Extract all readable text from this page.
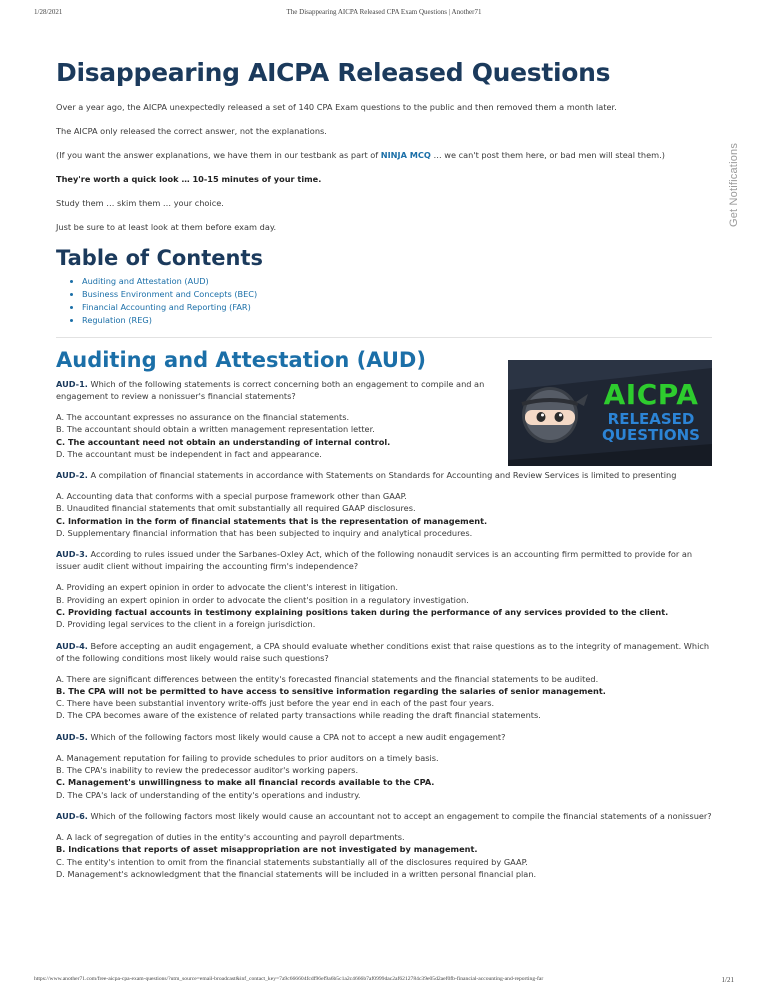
1/28/2021	The Disappearing AICPA Released CPA Exam Questions | Another71
Get Notifications
Disappearing AICPA Released Questions

Over a year ago, the AICPA unexpectedly released a set of 140 CPA Exam questions to the public and then removed them a month later.

The AICPA only released the correct answer, not the explanations.

(If you want the answer explanations, we have them in our testbank as part of NINJA MCQ … we can't post them here, or bad men will steal them.)

They're worth a quick look … 10-15 minutes of your time.

Study them … skim them … your choice.

Just be sure to at least look at them before exam day.

Table of Contents
• Auditing and Attestation (AUD)
• Business Environment and Concepts (BEC)
• Financial Accounting and Reporting (FAR)
• Regulation (REG)
Auditing and Attestation (AUD)
AUD-1. Which of the following statements is correct concerning both an engagement to compile and an engagement to review a nonissuer's financial statements?
A. The accountant expresses no assurance on the financial statements.
B. The accountant should obtain a written management representation letter.
C. The accountant need not obtain an understanding of internal control.
D. The accountant must be independent in fact and appearance.
AUD-2. A compilation of financial statements in accordance with Statements on Standards for Accounting and Review Services is limited to presenting
A. Accounting data that conforms with a special purpose framework other than GAAP.
B. Unaudited financial statements that omit substantially all required GAAP disclosures.
C. Information in the form of financial statements that is the representation of management.
D. Supplementary financial information that has been subjected to inquiry and analytical procedures.
AUD-3. According to rules issued under the Sarbanes-Oxley Act, which of the following nonaudit services is an accounting firm permitted to provide for an issuer audit client without impairing the accounting firm's independence?
A. Providing an expert opinion in order to advocate the client's interest in litigation.
B. Providing an expert opinion in order to advocate the client's position in a regulatory investigation.
C. Providing factual accounts in testimony explaining positions taken during the performance of any services provided to the client.
D. Providing legal services to the client in a foreign jurisdiction.
AUD-4. Before accepting an audit engagement, a CPA should evaluate whether conditions exist that raise questions as to the integrity of management. Which of the following conditions most likely would raise such questions?
A. There are significant differences between the entity's forecasted financial statements and the financial statements to be audited.
B. The CPA will not be permitted to have access to sensitive information regarding the salaries of senior management.
C. There have been substantial inventory write-offs just before the year end in each of the past four years.
D. The CPA becomes aware of the existence of related party transactions while reading the draft financial statements.
AUD-5. Which of the following factors most likely would cause a CPA not to accept a new audit engagement?
A. Management reputation for failing to provide schedules to prior auditors on a timely basis.
B. The CPA's inability to review the predecessor auditor's working papers.
C. Management's unwillingness to make all financial records available to the CPA.
D. The CPA's lack of understanding of the entity's operations and industry.
AUD-6. Which of the following factors most likely would cause an accountant not to accept an engagement to compile the financial statements of a nonissuer?
A. A lack of segregation of duties in the entity's accounting and payroll departments.
B. Indications that reports of asset misappropriation are not investigated by management.
C. The entity's intention to omit from the financial statements substantially all of the disclosures required by GAAP.
D. Management's acknowledgment that the financial statements will be included in a written personal financial plan.
AICPA
RELEASED
QUESTIONS
https://www.another71.com/free-aicpa-cpa-exam-questions/?utm_source=email-broadcast&inf_contact_key=7a9c666604fcdf96ef9a6b5c1a2c4666b7af0999dac2af6212784c39e05d2aef0fb-financial-accounting-and-reporting-far	1/21
